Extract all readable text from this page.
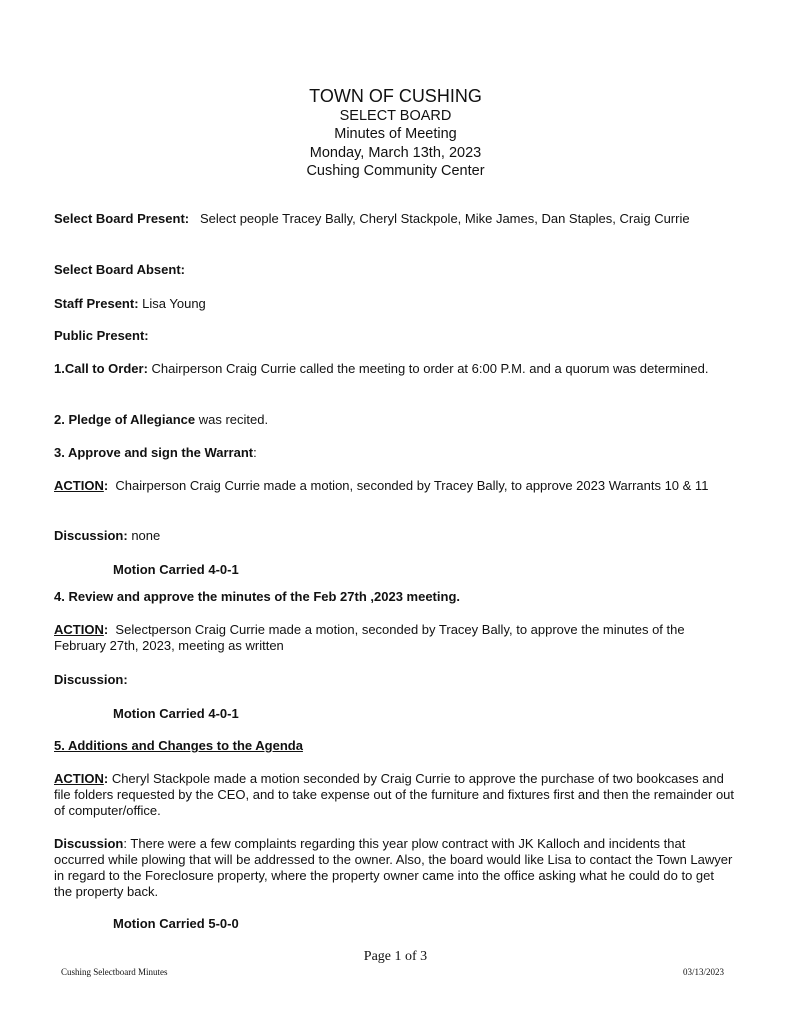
TOWN OF CUSHING
SELECT BOARD
Minutes of Meeting
Monday, March 13th, 2023
Cushing Community Center
Select Board Present: Select people Tracey Bally, Cheryl Stackpole, Mike James, Dan Staples, Craig Currie
Select Board Absent:
Staff Present: Lisa Young
Public Present:
1.Call to Order: Chairperson Craig Currie called the meeting to order at 6:00 P.M. and a quorum was determined.
2. Pledge of Allegiance was recited.
3. Approve and sign the Warrant:
ACTION: Chairperson Craig Currie made a motion, seconded by Tracey Bally, to approve 2023 Warrants 10 & 11
Discussion: none
Motion Carried 4-0-1
4. Review and approve the minutes of the Feb 27th ,2023 meeting.
ACTION: Selectperson Craig Currie made a motion, seconded by Tracey Bally, to approve the minutes of the February 27th, 2023, meeting as written
Discussion:
Motion Carried 4-0-1
5. Additions and Changes to the Agenda
ACTION: Cheryl Stackpole made a motion seconded by Craig Currie to approve the purchase of two bookcases and file folders requested by the CEO, and to take expense out of the furniture and fixtures first and then the remainder out of computer/office.
Discussion: There were a few complaints regarding this year plow contract with JK Kalloch and incidents that occurred while plowing that will be addressed to the owner. Also, the board would like Lisa to contact the Town Lawyer in regard to the Foreclosure property, where the property owner came into the office asking what he could do to get the property back.
Motion Carried 5-0-0
Page 1 of 3
Cushing Selectboard Minutes	03/13/2023
